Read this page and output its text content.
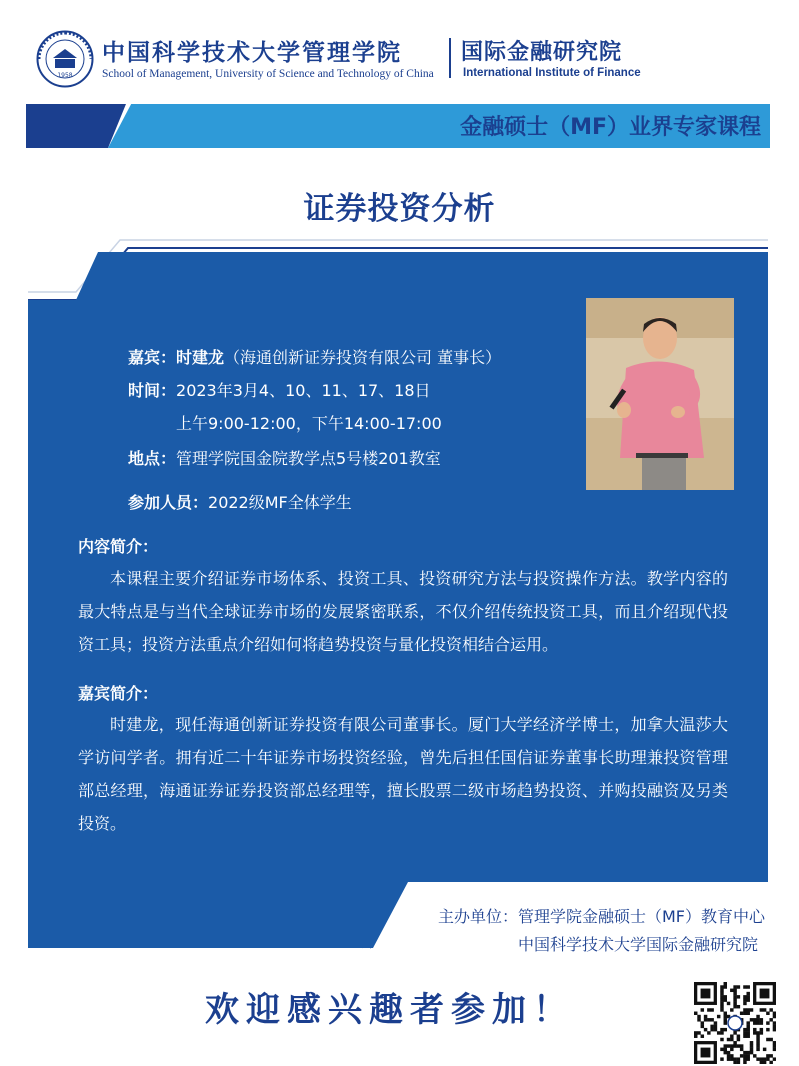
1958
中国科学技术大学管理学院
School of Management, University of Science and Technology of China
国际金融研究院
International Institute of Finance
金融硕士（MF）业界专家课程
证券投资分析
嘉宾：时建龙（海通创新证券投资有限公司 董事长）
时间：2023年3月4、10、11、17、18日
上午9:00-12:00，下午14:00-17:00
地点：管理学院国金院教学点5号楼201教室
参加人员：2022级MF全体学生
内容简介：
本课程主要介绍证券市场体系、投资工具、投资研究方法与投资操作方法。教学内容的最大特点是与当代全球证券市场的发展紧密联系，不仅介绍传统投资工具，而且介绍现代投资工具；投资方法重点介绍如何将趋势投资与量化投资相结合运用。
嘉宾简介：
时建龙，现任海通创新证券投资有限公司董事长。厦门大学经济学博士，加拿大温莎大学访问学者。拥有近二十年证券市场投资经验，曾先后担任国信证券董事长助理兼投资管理部总经理，海通证券证券投资部总经理等，擅长股票二级市场趋势投资、并购投融资及另类投资。
主办单位：管理学院金融硕士（MF）教育中心
中国科学技术大学国际金融研究院
欢迎感兴趣者参加！
